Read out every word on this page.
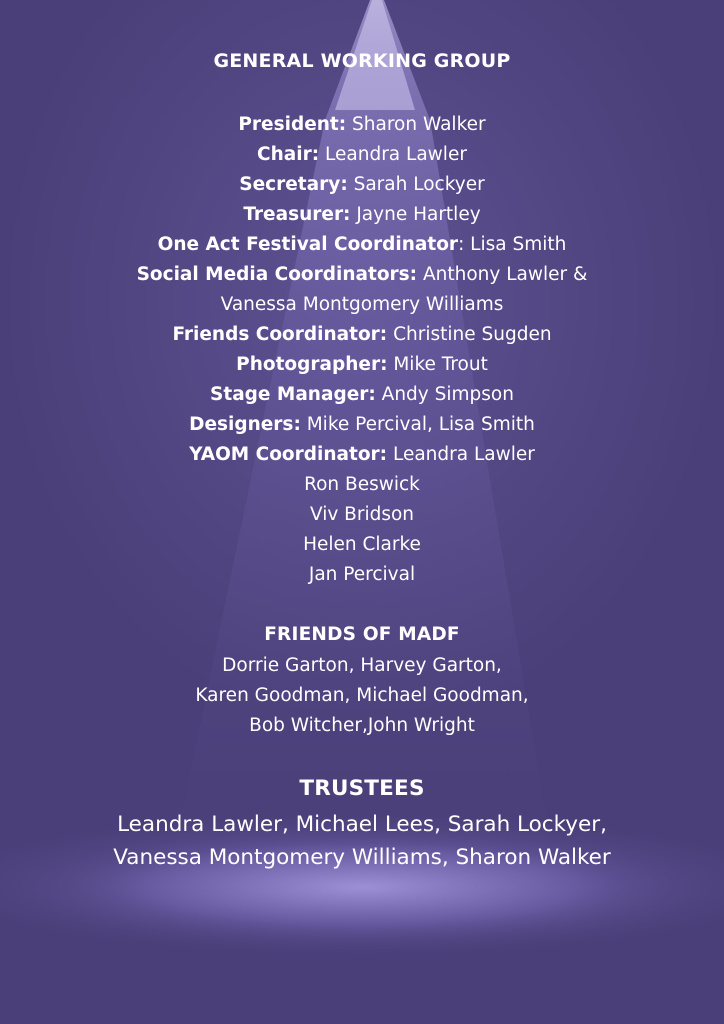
GENERAL WORKING GROUP
President: Sharon Walker
Chair: Leandra Lawler
Secretary: Sarah Lockyer
Treasurer: Jayne Hartley
One Act Festival Coordinator: Lisa Smith
Social Media Coordinators: Anthony Lawler &
Vanessa Montgomery Williams
Friends Coordinator: Christine Sugden
Photographer: Mike Trout
Stage Manager: Andy Simpson
Designers: Mike Percival, Lisa Smith
YAOM Coordinator: Leandra Lawler
Ron Beswick
Viv Bridson
Helen Clarke
Jan Percival
FRIENDS OF MADF
Dorrie Garton, Harvey Garton,
Karen Goodman, Michael Goodman,
Bob Witcher,John Wright
TRUSTEES
Leandra Lawler, Michael Lees, Sarah Lockyer,
Vanessa Montgomery Williams, Sharon Walker
